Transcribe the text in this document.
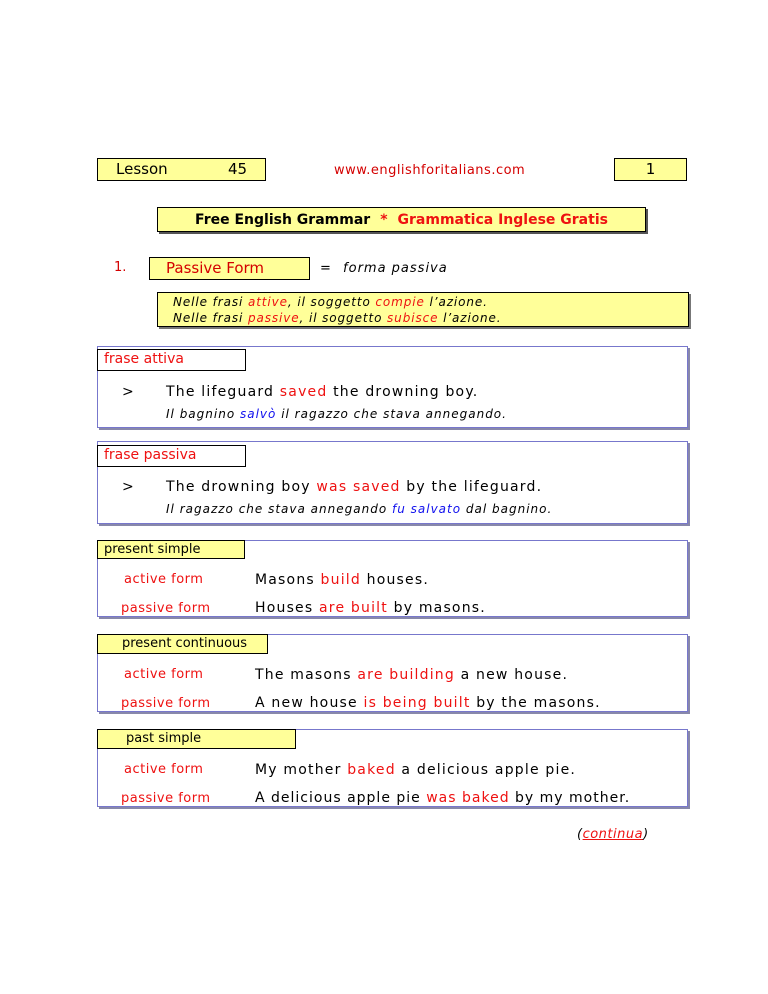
Lesson	45	www.englishforitalians.com	1
Free English Grammar * Grammatica Inglese Gratis
1.	Passive Form	= forma passiva
Nelle frasi attive, il soggetto compie l’azione.
Nelle frasi passive, il soggetto subisce l’azione.
frase attiva
> The lifeguard saved the drowning boy.
Il bagnino salvò il ragazzo che stava annegando.
frase passiva
> The drowning boy was saved by the lifeguard.
Il ragazzo che stava annegando fu salvato dal bagnino.
present simple
active form	Masons build houses.
passive form	Houses are built by masons.
present continuous
active form	The masons are building a new house.
passive form	A new house is being built by the masons.
past simple
active form	My mother baked a delicious apple pie.
passive form	A delicious apple pie was baked by my mother.
(continua)
